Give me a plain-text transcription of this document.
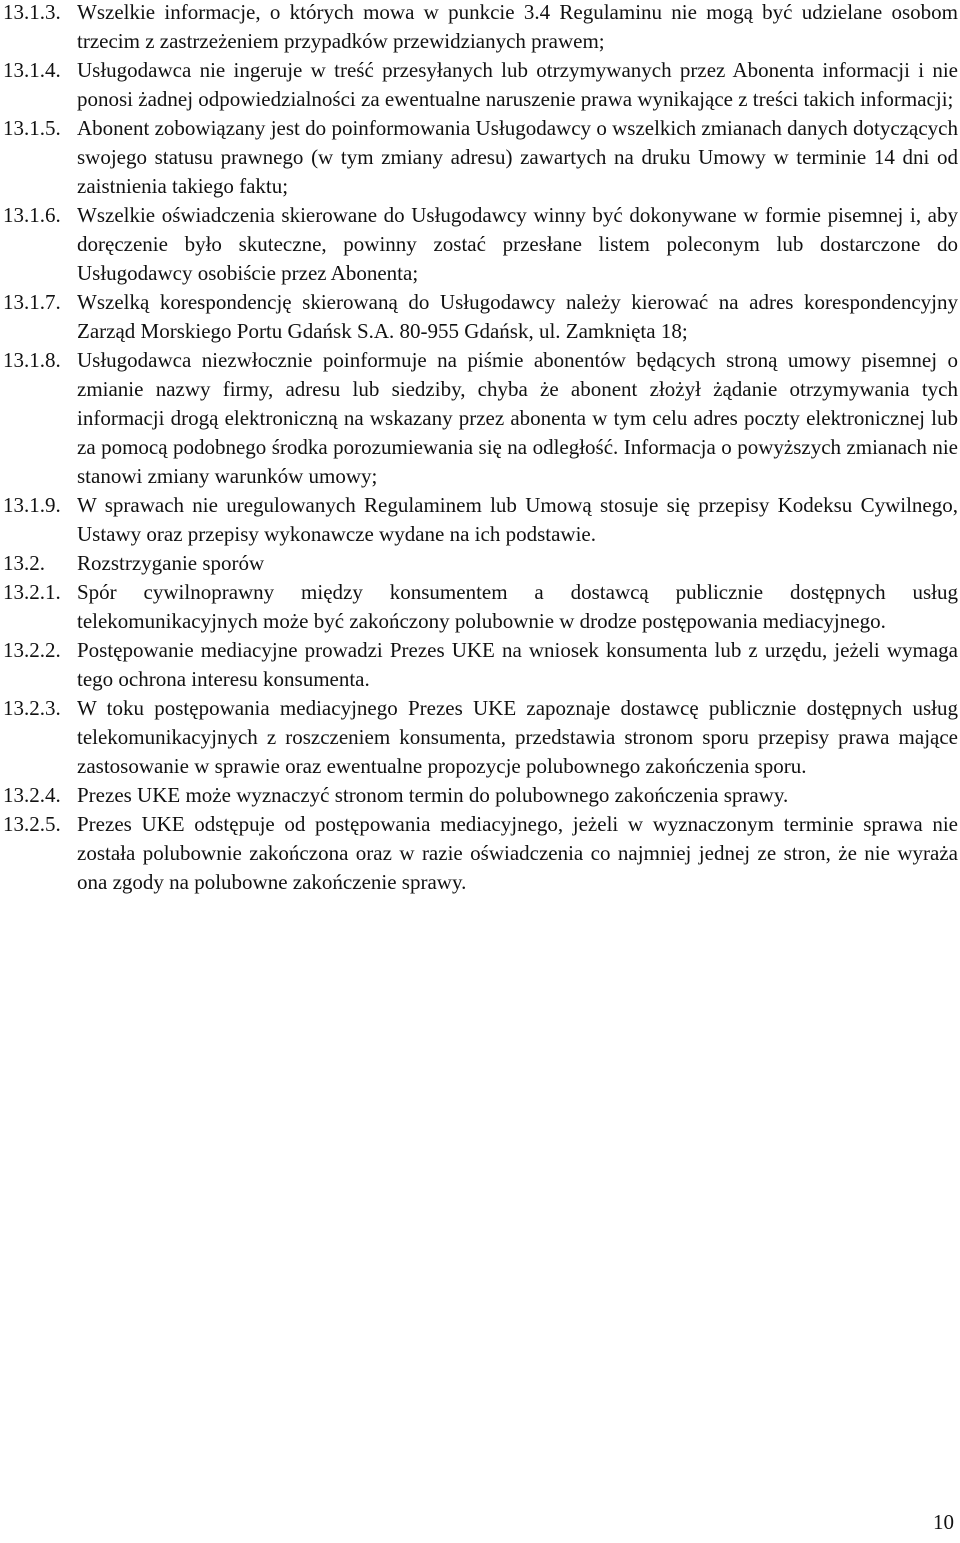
13.1.3. Wszelkie informacje, o których mowa w punkcie 3.4 Regulaminu nie mogą być udzielane osobom trzecim z zastrzeżeniem przypadków przewidzianych prawem;
13.1.4. Usługodawca nie ingeruje w treść przesyłanych lub otrzymywanych przez Abonenta informacji i nie ponosi żadnej odpowiedzialności za ewentualne naruszenie prawa wynikające z treści takich informacji;
13.1.5. Abonent zobowiązany jest do poinformowania Usługodawcy o wszelkich zmianach danych dotyczących swojego statusu prawnego (w tym zmiany adresu) zawartych na druku Umowy w terminie 14 dni od zaistnienia takiego faktu;
13.1.6. Wszelkie oświadczenia skierowane do Usługodawcy winny być dokonywane w formie pisemnej i, aby doręczenie było skuteczne, powinny zostać przesłane listem poleconym lub dostarczone do Usługodawcy osobiście przez Abonenta;
13.1.7. Wszelką korespondencję skierowaną do Usługodawcy należy kierować na adres korespondencyjny Zarząd Morskiego Portu Gdańsk S.A. 80-955 Gdańsk, ul. Zamknięta 18;
13.1.8. Usługodawca niezwłocznie poinformuje na piśmie abonentów będących stroną umowy pisemnej o zmianie nazwy firmy, adresu lub siedziby, chyba że abonent złożył żądanie otrzymywania tych informacji drogą elektroniczną na wskazany przez abonenta w tym celu adres poczty elektronicznej lub za pomocą podobnego środka porozumiewania się na odległość. Informacja o powyższych zmianach nie stanowi zmiany warunków umowy;
13.1.9. W sprawach nie uregulowanych Regulaminem lub Umową stosuje się przepisy Kodeksu Cywilnego, Ustawy oraz przepisy wykonawcze wydane na ich podstawie.
13.2.	Rozstrzyganie sporów
13.2.1. Spór cywilnoprawny między konsumentem a dostawcą publicznie dostępnych usług telekomunikacyjnych może być zakończony polubownie w drodze postępowania mediacyjnego.
13.2.2. Postępowanie mediacyjne prowadzi Prezes UKE na wniosek konsumenta lub z urzędu, jeżeli wymaga tego ochrona interesu konsumenta.
13.2.3. W toku postępowania mediacyjnego Prezes UKE zapoznaje dostawcę publicznie dostępnych usług telekomunikacyjnych z roszczeniem konsumenta, przedstawia stronom sporu przepisy prawa mające zastosowanie w sprawie oraz ewentualne propozycje polubownego zakończenia sporu.
13.2.4. Prezes UKE może wyznaczyć stronom termin do polubownego zakończenia sprawy.
13.2.5. Prezes UKE odstępuje od postępowania mediacyjnego, jeżeli w wyznaczonym terminie sprawa nie została polubownie zakończona oraz w razie oświadczenia co najmniej jednej ze stron, że nie wyraża ona zgody na polubowne zakończenie sprawy.
10
